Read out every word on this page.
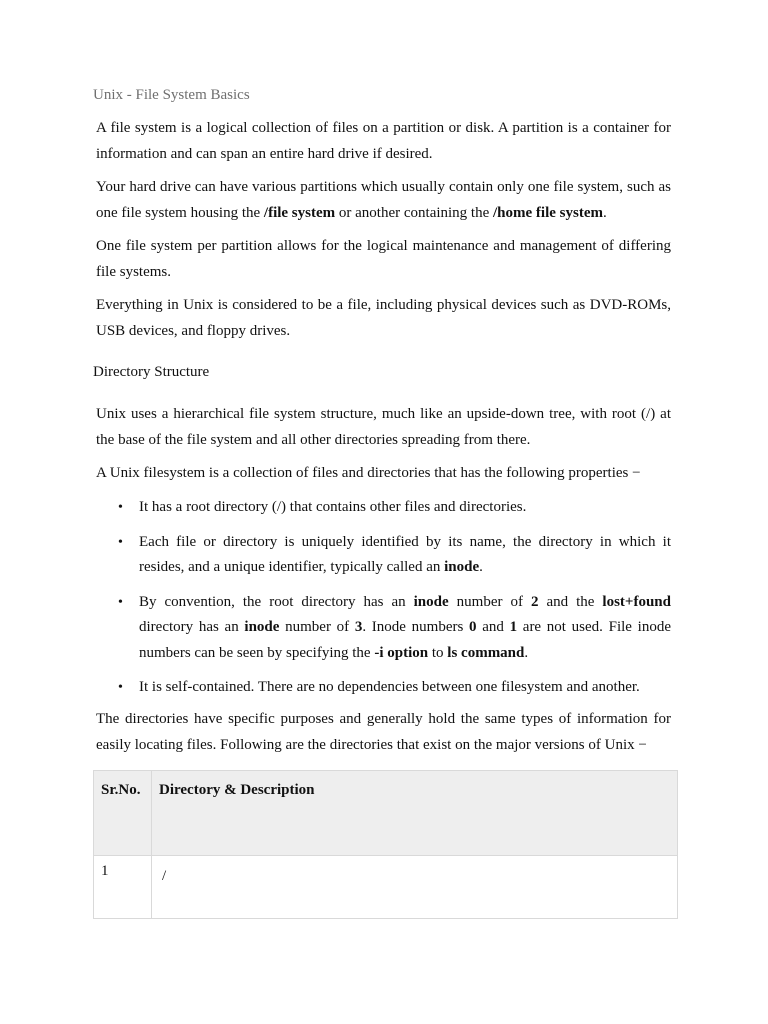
Unix - File System Basics

A file system is a logical collection of files on a partition or disk. A partition is a container for information and can span an entire hard drive if desired.

Your hard drive can have various partitions which usually contain only one file system, such as one file system housing the /file system or another containing the /home file system.

One file system per partition allows for the logical maintenance and management of differing file systems.

Everything in Unix is considered to be a file, including physical devices such as DVD-ROMs, USB devices, and floppy drives.

Directory Structure

Unix uses a hierarchical file system structure, much like an upside-down tree, with root (/) at the base of the file system and all other directories spreading from there.

A Unix filesystem is a collection of files and directories that has the following properties −

• It has a root directory (/) that contains other files and directories.
• Each file or directory is uniquely identified by its name, the directory in which it resides, and a unique identifier, typically called an inode.
• By convention, the root directory has an inode number of 2 and the lost+found directory has an inode number of 3. Inode numbers 0 and 1 are not used. File inode numbers can be seen by specifying the -i option to ls command.
• It is self-contained. There are no dependencies between one filesystem and another.

The directories have specific purposes and generally hold the same types of information for easily locating files. Following are the directories that exist on the major versions of Unix −

Sr.No.	Directory & Description
1	/
